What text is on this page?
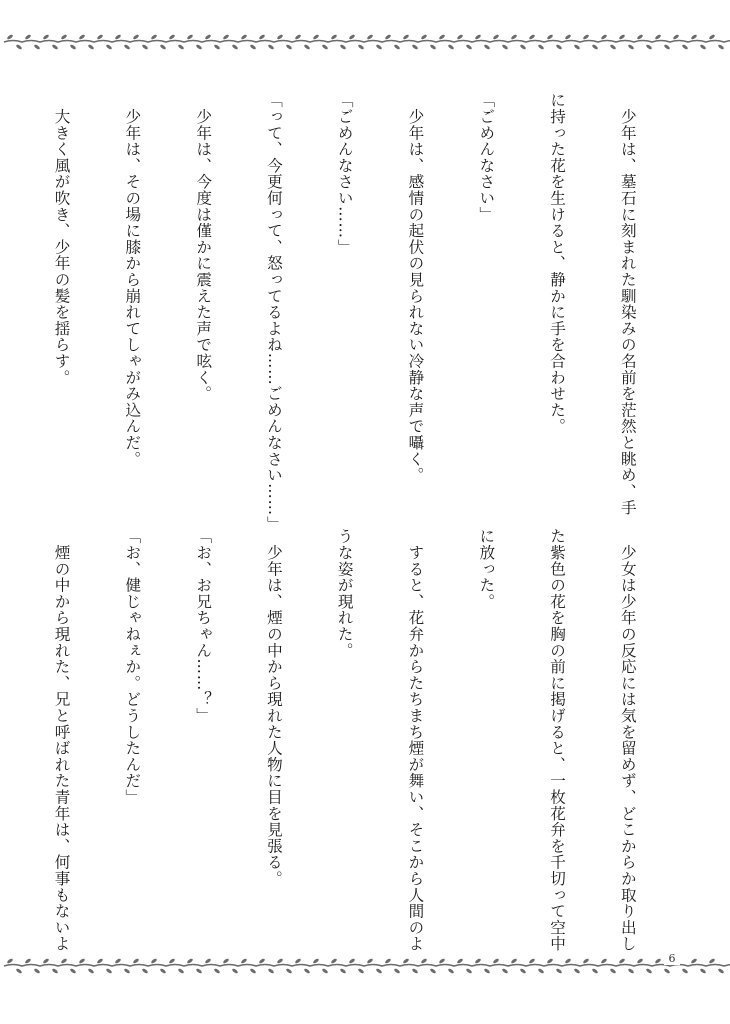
6

　少年は、墓石に刻まれた馴染みの名前を茫然と眺め、手

に持った花を生けると、静かに手を合わせた。

「ごめんなさい」

　少年は、感情の起伏の見られない冷静な声で囁く。

「ごめんなさい……」

「って、今更何って、怒ってるよね……ごめんなさい……」

　少年は、今度は僅かに震えた声で呟く。

　少年は、その場に膝から崩れてしゃがみ込んだ。

　大きく風が吹き、少年の髪を揺らす。

　少女は少年の反応には気を留めず、どこからか取り出し

た紫色の花を胸の前に掲げると、一枚花弁を千切って空中

に放った。

　すると、花弁からたちまち煙が舞い、そこから人間のよ

うな姿が現れた。

　少年は、煙の中から現れた人物に目を見張る。

「お、お兄ちゃん……？」

「お、健じゃねぇか。どうしたんだ」

　煙の中から現れた、兄と呼ばれた青年は、何事もないよ
